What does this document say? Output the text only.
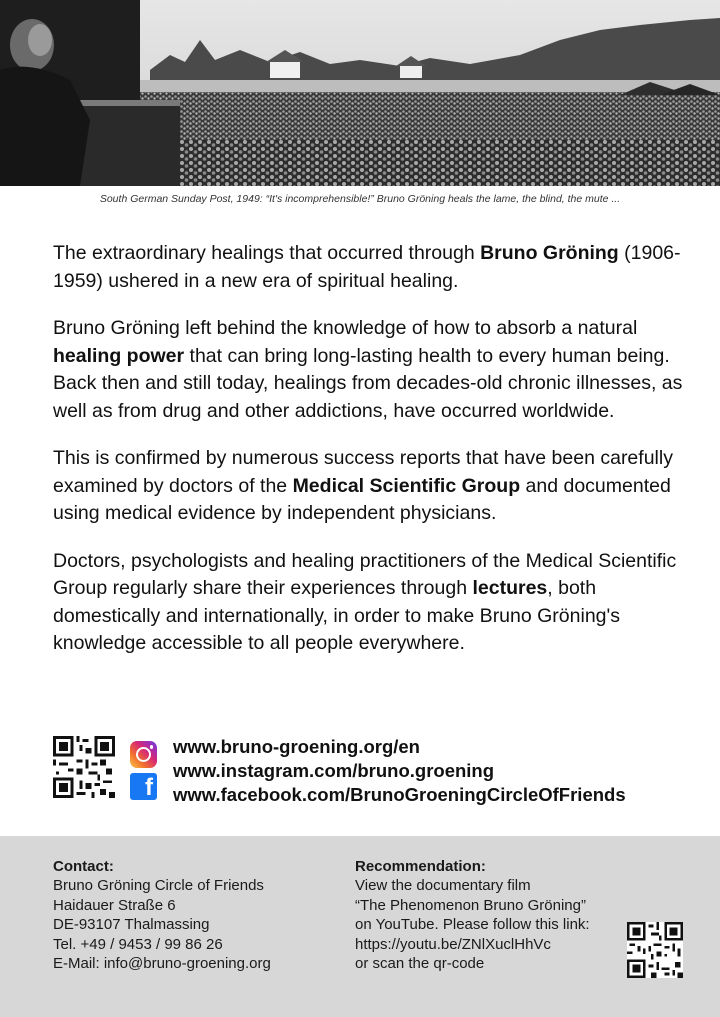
South German Sunday Post, 1949: “It's incomprehensible!” Bruno Gröning heals the lame, the blind, the mute ...

The extraordinary healings that occurred through Bruno Gröning (1906-1959) ushered in a new era of spiritual healing.

Bruno Gröning left behind the knowledge of how to absorb a natural healing power that can bring long-lasting health to every human being. Back then and still today, healings from decades-old chronic illnesses, as well as from drug and other addictions, have occurred worldwide.

This is confirmed by numerous success reports that have been carefully examined by doctors of the Medical Scientific Group and documented using medical evidence by independent physicians.

Doctors, psychologists and healing practitioners of the Medical Scientific Group regularly share their experiences through lectures, both domestically and internationally, in order to make Bruno Gröning's knowledge accessible to all people everywhere.

f
www.bruno-groening.org/en
www.instagram.com/bruno.groening
www.facebook.com/BrunoGroeningCircleOfFriends
Contact:
Bruno Gröning Circle of Friends
Haidauer Straße 6
DE-93107 Thalmassing
Tel. +49 / 9453 / 99 86 26
E-Mail: info@bruno-groening.org
Recommendation:
View the documentary film
“The Phenomenon Bruno Gröning”
on YouTube. Please follow this link:
https://youtu.be/ZNlXuclHhVc
or scan the qr-code
